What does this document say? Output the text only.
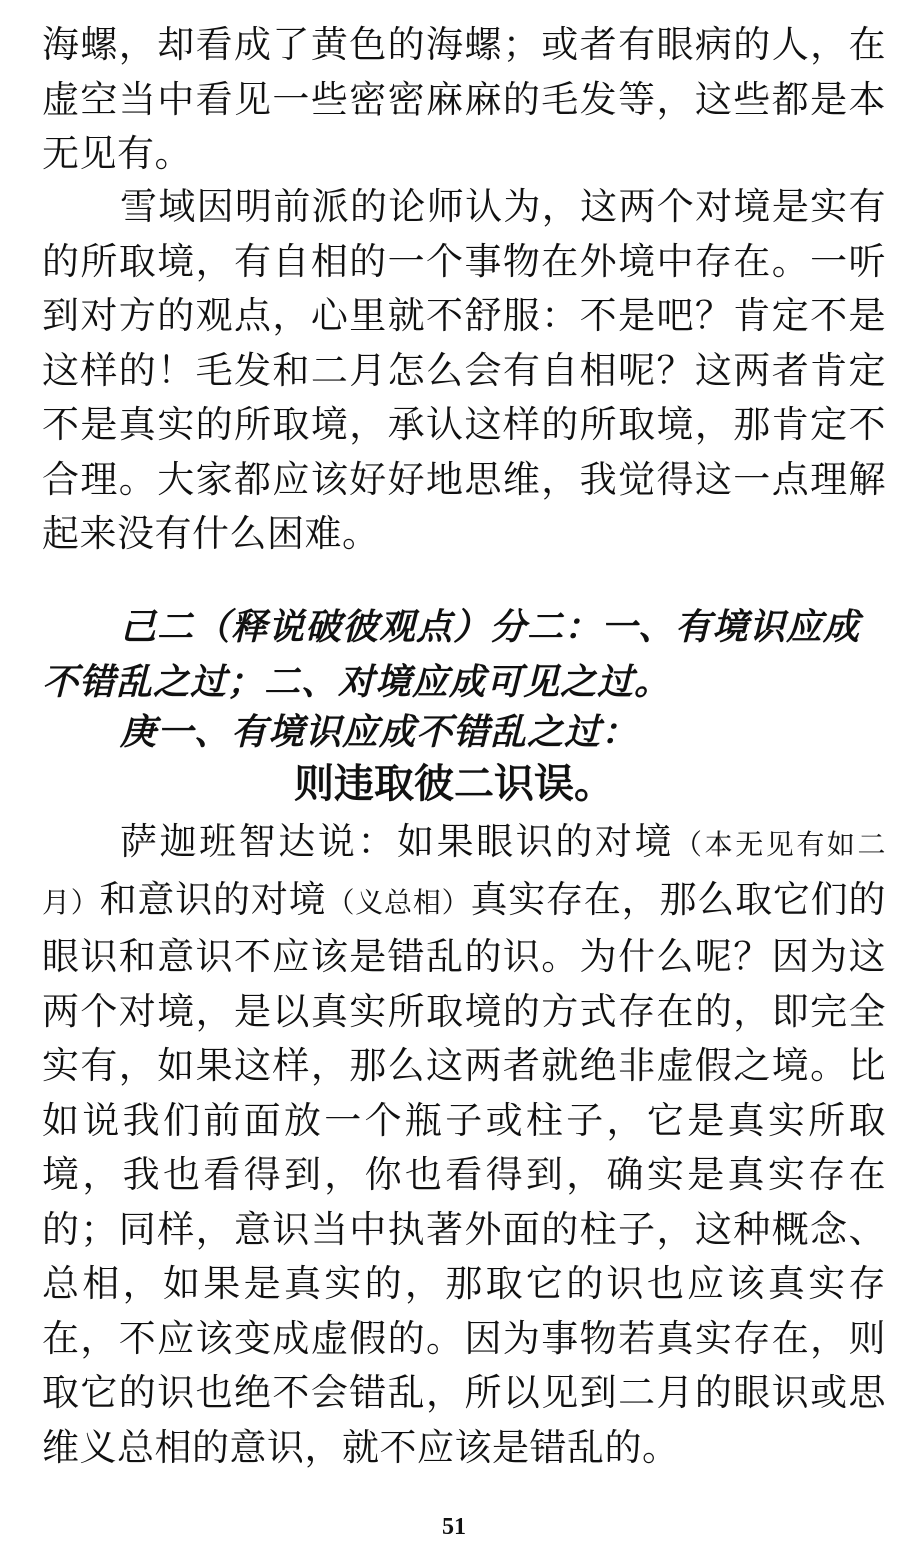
海螺，却看成了黄色的海螺；或者有眼病的人，在虚空当中看见一些密密麻麻的毛发等，这些都是本无见有。

雪域因明前派的论师认为，这两个对境是实有的所取境，有自相的一个事物在外境中存在。一听到对方的观点，心里就不舒服：不是吧？肯定不是这样的！毛发和二月怎么会有自相呢？这两者肯定不是真实的所取境，承认这样的所取境，那肯定不合理。大家都应该好好地思维，我觉得这一点理解起来没有什么困难。

己二（释说破彼观点）分二：一、有境识应成不错乱之过；二、对境应成可见之过。

庚一、有境识应成不错乱之过：

则违取彼二识误。

萨迦班智达说：如果眼识的对境（本无见有如二月）和意识的对境（义总相）真实存在，那么取它们的眼识和意识不应该是错乱的识。为什么呢？因为这两个对境，是以真实所取境的方式存在的，即完全实有，如果这样，那么这两者就绝非虚假之境。比如说我们前面放一个瓶子或柱子，它是真实所取境，我也看得到，你也看得到，确实是真实存在的；同样，意识当中执著外面的柱子，这种概念、总相，如果是真实的，那取它的识也应该真实存在，不应该变成虚假的。因为事物若真实存在，则取它的识也绝不会错乱，所以见到二月的眼识或思维义总相的意识，就不应该是错乱的。

51
